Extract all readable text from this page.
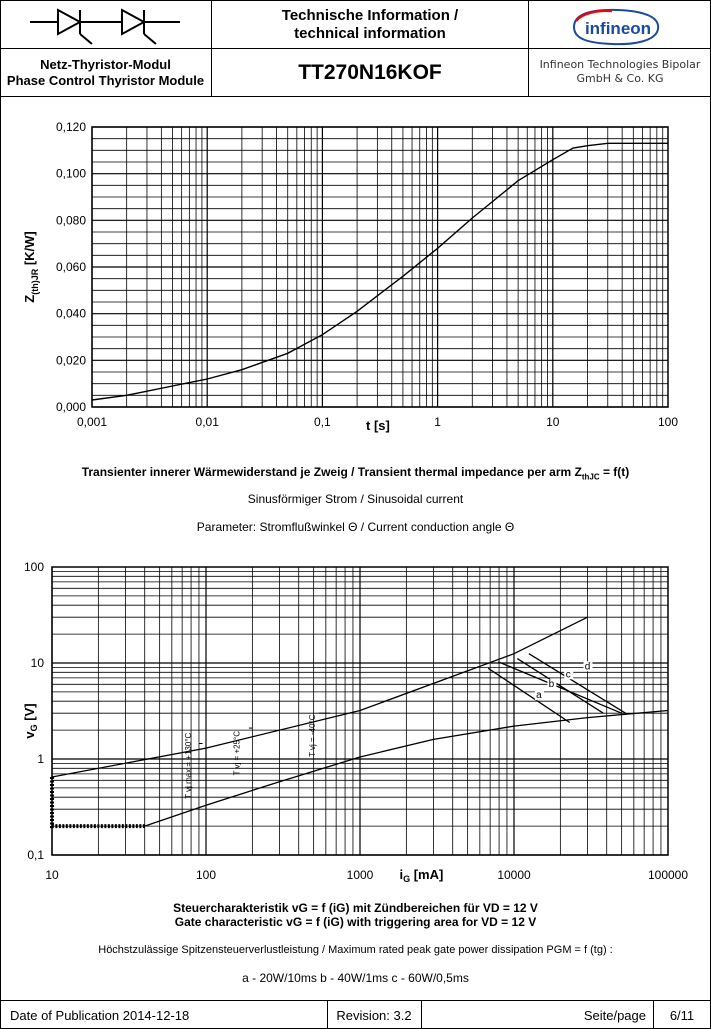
Netz-Thyristor-Modul
Phase Control Thyristor Module
Technische Information /
technical information
TT270N16KOF
infineon
Infineon Technologies Bipolar
GmbH & Co. KG
0,000
0,020
0,040
0,060
0,080
0,100
0,120
0,001	0,01	0,1	1	10	100
t [s]
$Z_{(th)JR}$ [K/W]
Transienter innerer Wärmewiderstand je Zweig / Transient thermal impedance per arm $Z_{thJC} = f(t)$
Sinusförmiger Strom / Sinusoidal current
Parameter: Stromflußwinkel Θ / Current conduction angle Θ
0,1
1
10
100
10	100	1000	10000	100000
$i_G$ [mA]
$v_G$ [V]
a
b
c
d
T vj max = +130°C	T vj = +25°C	T vj = -40°C
Steuercharakteristik vG = f (iG) mit Zündbereichen für VD = 12 V
Gate characteristic vG = f (iG) with triggering area for VD = 12 V
Höchstzulässige Spitzensteuerverlustleistung / Maximum rated peak gate power dissipation PGM = f (tg) :
a - 20W/10ms b - 40W/1ms c - 60W/0,5ms
Date of Publication 2014-12-18	Revision: 3.2	Seite/page	6/11
